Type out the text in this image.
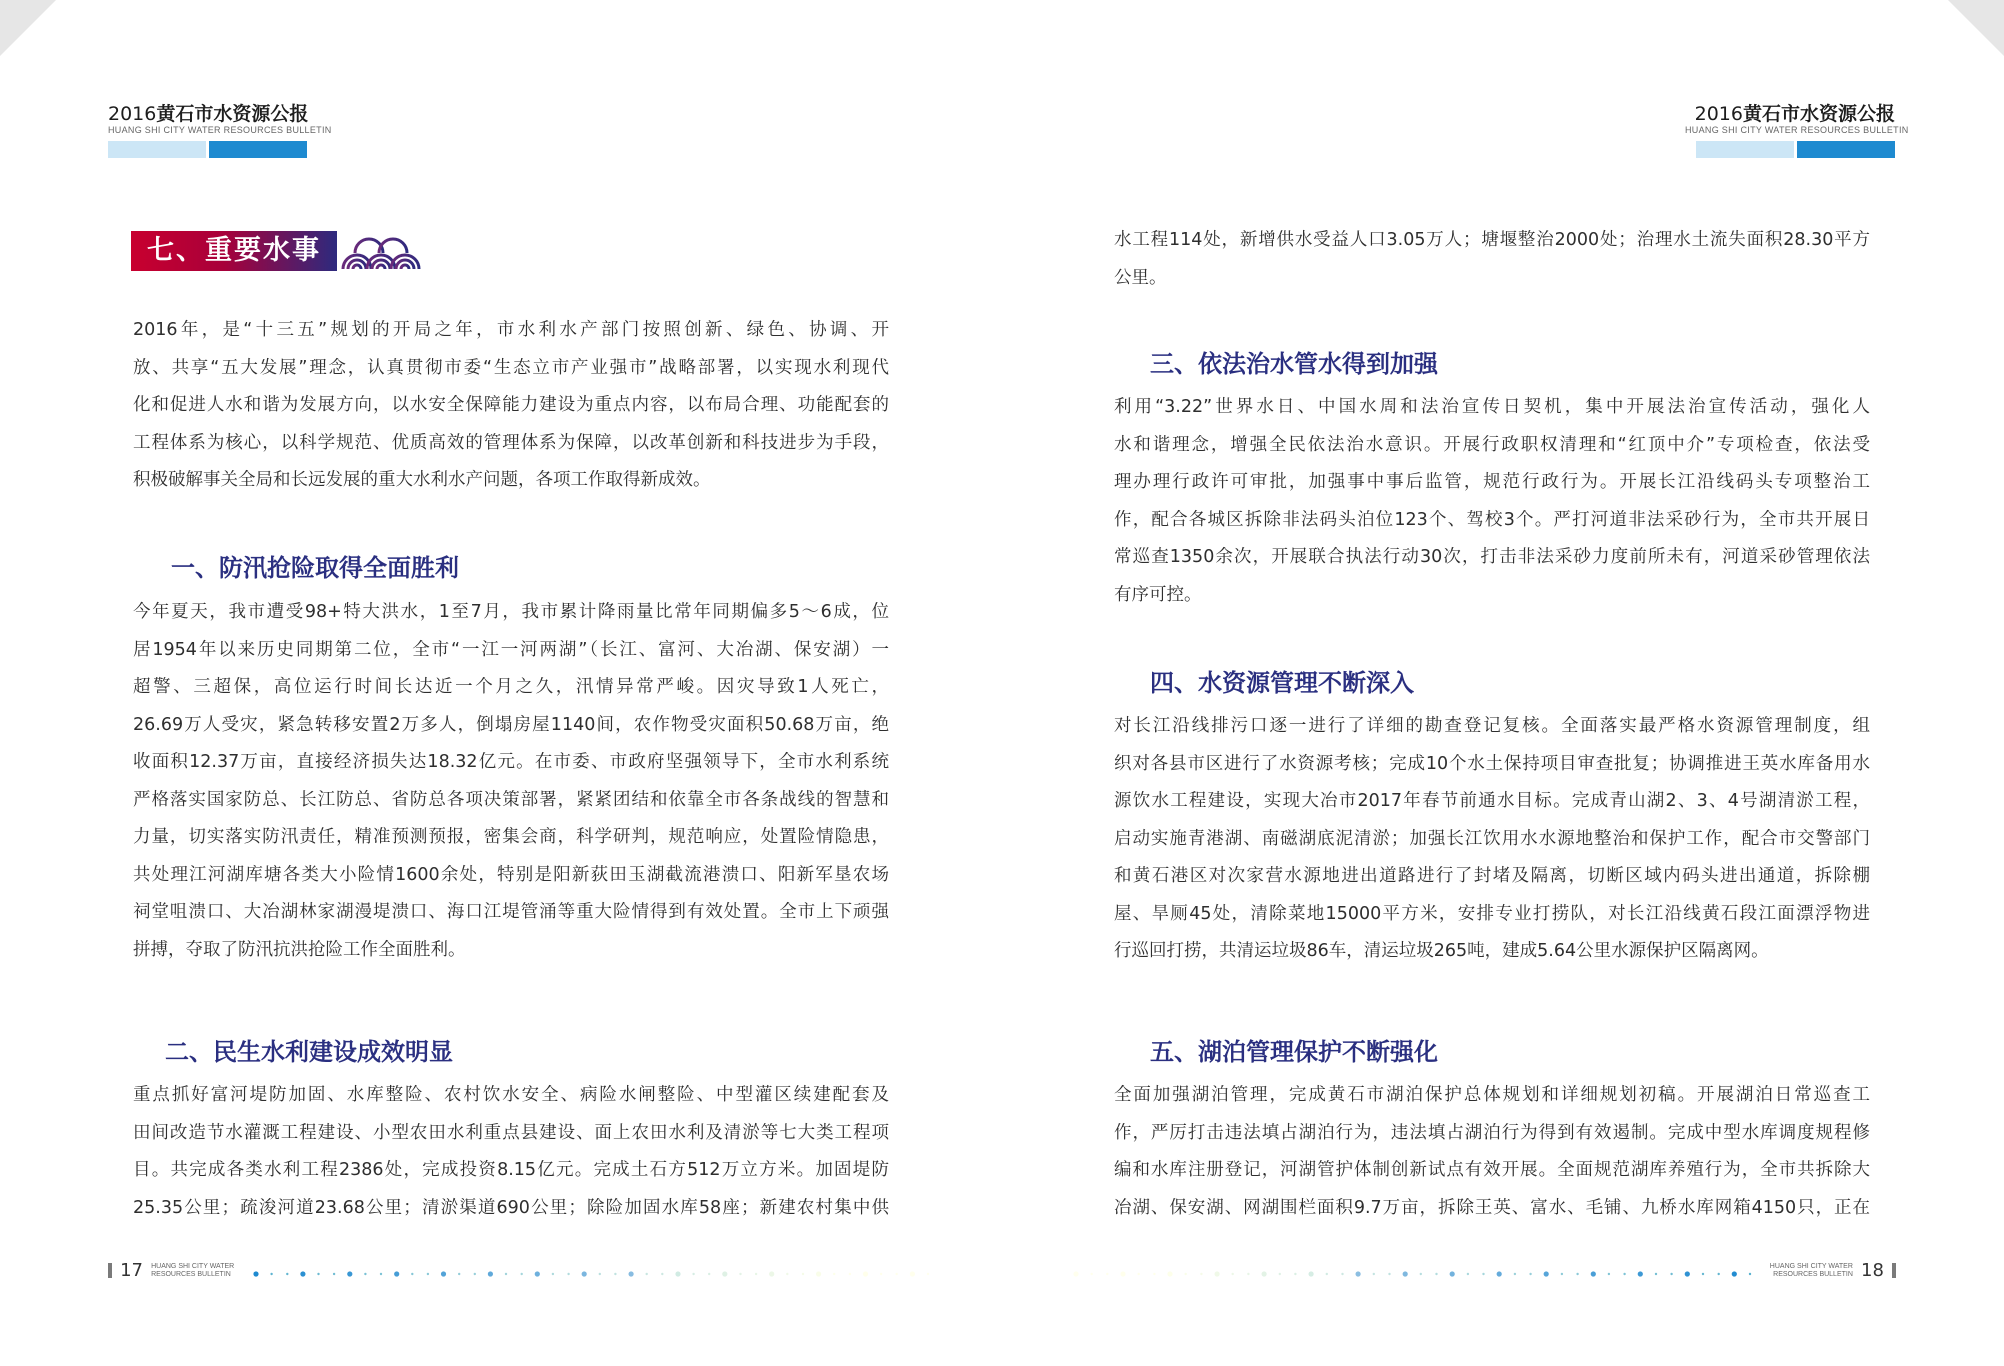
2016黄石市水资源公报
HUANG SHI CITY WATER RESOURCES BULLETIN
七、重要水事
2016年，是“十三五”规划的开局之年，市水利水产部门按照创新、绿色、协调、开
放、共享“五大发展”理念，认真贯彻市委“生态立市产业强市”战略部署，以实现水利现代
化和促进人水和谐为发展方向，以水安全保障能力建设为重点内容，以布局合理、功能配套的
工程体系为核心，以科学规范、优质高效的管理体系为保障，以改革创新和科技进步为手段，
积极破解事关全局和长远发展的重大水利水产问题，各项工作取得新成效。
一、防汛抢险取得全面胜利
今年夏天，我市遭受98+特大洪水，1至7月，我市累计降雨量比常年同期偏多5～6成，位
居1954年以来历史同期第二位，全市“一江一河两湖”（长江、富河、大冶湖、保安湖）一
超警、三超保，高位运行时间长达近一个月之久，汛情异常严峻。因灾导致1人死亡，
26.69万人受灾，紧急转移安置2万多人，倒塌房屋1140间，农作物受灾面积50.68万亩，绝
收面积12.37万亩，直接经济损失达18.32亿元。在市委、市政府坚强领导下，全市水利系统
严格落实国家防总、长江防总、省防总各项决策部署，紧紧团结和依靠全市各条战线的智慧和
力量，切实落实防汛责任，精准预测预报，密集会商，科学研判，规范响应，处置险情隐患，
共处理江河湖库塘各类大小险情1600余处，特别是阳新荻田玉湖截流港溃口、阳新军垦农场
祠堂咀溃口、大冶湖林家湖漫堤溃口、海口江堤管涌等重大险情得到有效处置。全市上下顽强
拼搏，夺取了防汛抗洪抢险工作全面胜利。
二、民生水利建设成效明显
重点抓好富河堤防加固、水库整险、农村饮水安全、病险水闸整险、中型灌区续建配套及
田间改造节水灌溉工程建设、小型农田水利重点县建设、面上农田水利及清淤等七大类工程项
目。共完成各类水利工程2386处，完成投资8.15亿元。完成土石方512万立方米。加固堤防
25.35公里；疏浚河道23.68公里；清淤渠道690公里；除险加固水库58座；新建农村集中供
17 HUANG SHI CITY WATER
RESOURCES BULLETIN
2016黄石市水资源公报
HUANG SHI CITY WATER RESOURCES BULLETIN
水工程114处，新增供水受益人口3.05万人；塘堰整治2000处；治理水土流失面积28.30平方
公里。
三、依法治水管水得到加强
利用“3.22”世界水日、中国水周和法治宣传日契机，集中开展法治宣传活动，强化人
水和谐理念，增强全民依法治水意识。开展行政职权清理和“红顶中介”专项检查，依法受
理办理行政许可审批，加强事中事后监管，规范行政行为。开展长江沿线码头专项整治工
作，配合各城区拆除非法码头泊位123个、驾校3个。严打河道非法采砂行为，全市共开展日
常巡查1350余次，开展联合执法行动30次，打击非法采砂力度前所未有，河道采砂管理依法
有序可控。
四、水资源管理不断深入
对长江沿线排污口逐一进行了详细的勘查登记复核。全面落实最严格水资源管理制度，组
织对各县市区进行了水资源考核；完成10个水土保持项目审查批复；协调推进王英水库备用水
源饮水工程建设，实现大冶市2017年春节前通水目标。完成青山湖2、3、4号湖清淤工程，
启动实施青港湖、南磁湖底泥清淤；加强长江饮用水水源地整治和保护工作，配合市交警部门
和黄石港区对次家营水源地进出道路进行了封堵及隔离，切断区域内码头进出通道，拆除棚
屋、旱厕45处，清除菜地15000平方米，安排专业打捞队，对长江沿线黄石段江面漂浮物进
行巡回打捞，共清运垃圾86车，清运垃圾265吨，建成5.64公里水源保护区隔离网。
五、湖泊管理保护不断强化
全面加强湖泊管理，完成黄石市湖泊保护总体规划和详细规划初稿。开展湖泊日常巡查工
作，严厉打击违法填占湖泊行为，违法填占湖泊行为得到有效遏制。完成中型水库调度规程修
编和水库注册登记，河湖管护体制创新试点有效开展。全面规范湖库养殖行为，全市共拆除大
冶湖、保安湖、网湖围栏面积9.7万亩，拆除王英、富水、毛铺、九桥水库网箱4150只，正在
HUANG SHI CITY WATER
RESOURCES BULLETIN 18
